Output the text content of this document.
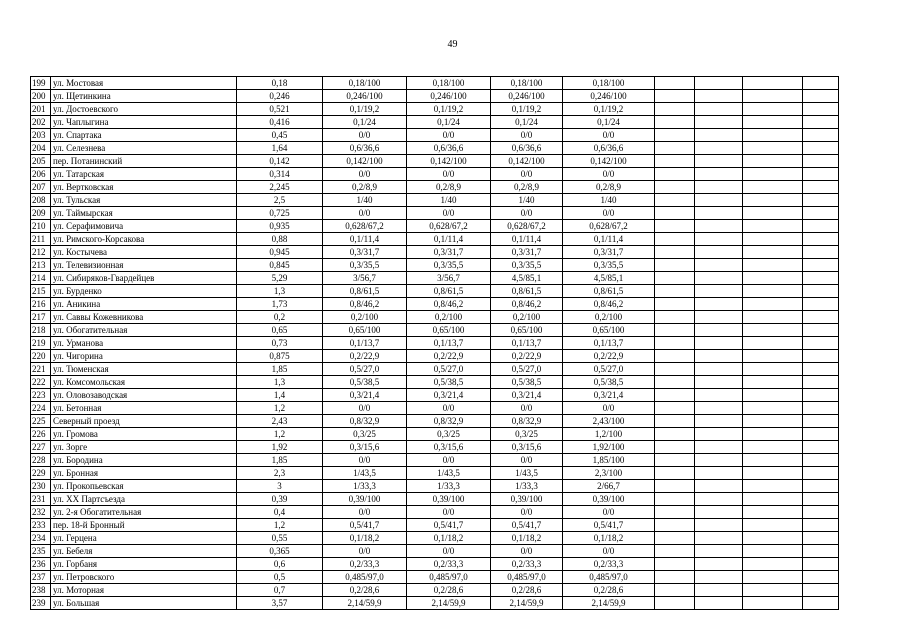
49
199	ул. Мостовая	0,18	0,18/100	0,18/100	0,18/100	0,18/100				
200	ул. Щетинкина	0,246	0,246/100	0,246/100	0,246/100	0,246/100				
201	ул. Достоевского	0,521	0,1/19,2	0,1/19,2	0,1/19,2	0,1/19,2				
202	ул. Чаплыгина	0,416	0,1/24	0,1/24	0,1/24	0,1/24				
203	ул. Спартака	0,45	0/0	0/0	0/0	0/0				
204	ул. Селезнева	1,64	0,6/36,6	0,6/36,6	0,6/36,6	0,6/36,6				
205	пер. Потанинский	0,142	0,142/100	0,142/100	0,142/100	0,142/100				
206	ул. Татарская	0,314	0/0	0/0	0/0	0/0				
207	ул. Вертковская	2,245	0,2/8,9	0,2/8,9	0,2/8,9	0,2/8,9				
208	ул. Тульская	2,5	1/40	1/40	1/40	1/40				
209	ул. Таймырская	0,725	0/0	0/0	0/0	0/0				
210	ул. Серафимовича	0,935	0,628/67,2	0,628/67,2	0,628/67,2	0,628/67,2				
211	ул. Римского-Корсакова	0,88	0,1/11,4	0,1/11,4	0,1/11,4	0,1/11,4				
212	ул. Костычева	0,945	0,3/31,7	0,3/31,7	0,3/31,7	0,3/31,7				
213	ул. Телевизионная	0,845	0,3/35,5	0,3/35,5	0,3/35,5	0,3/35,5				
214	ул. Сибиряков-Гвардейцев	5,29	3/56,7	3/56,7	4,5/85,1	4,5/85,1				
215	ул. Бурденко	1,3	0,8/61,5	0,8/61,5	0,8/61,5	0,8/61,5				
216	ул. Аникина	1,73	0,8/46,2	0,8/46,2	0,8/46,2	0,8/46,2				
217	ул. Саввы Кожевникова	0,2	0,2/100	0,2/100	0,2/100	0,2/100				
218	ул. Обогатительная	0,65	0,65/100	0,65/100	0,65/100	0,65/100				
219	ул. Урманова	0,73	0,1/13,7	0,1/13,7	0,1/13,7	0,1/13,7				
220	ул. Чигорина	0,875	0,2/22,9	0,2/22,9	0,2/22,9	0,2/22,9				
221	ул. Тюменская	1,85	0,5/27,0	0,5/27,0	0,5/27,0	0,5/27,0				
222	ул. Комсомольская	1,3	0,5/38,5	0,5/38,5	0,5/38,5	0,5/38,5				
223	ул. Оловозаводская	1,4	0,3/21,4	0,3/21,4	0,3/21,4	0,3/21,4				
224	ул. Бетонная	1,2	0/0	0/0	0/0	0/0				
225	Северный проезд	2,43	0,8/32,9	0,8/32,9	0,8/32,9	2,43/100				
226	ул. Громова	1,2	0,3/25	0,3/25	0,3/25	1,2/100				
227	ул. Зорге	1,92	0,3/15,6	0,3/15,6	0,3/15,6	1,92/100				
228	ул. Бородина	1,85	0/0	0/0	0/0	1,85/100				
229	ул. Бронная	2,3	1/43,5	1/43,5	1/43,5	2,3/100				
230	ул. Прокопьевская	3	1/33,3	1/33,3	1/33,3	2/66,7				
231	ул. XX Партсъезда	0,39	0,39/100	0,39/100	0,39/100	0,39/100				
232	ул. 2-я Обогатительная	0,4	0/0	0/0	0/0	0/0				
233	пер. 18-й Бронный	1,2	0,5/41,7	0,5/41,7	0,5/41,7	0,5/41,7				
234	ул. Герцена	0,55	0,1/18,2	0,1/18,2	0,1/18,2	0,1/18,2				
235	ул. Бебеля	0,365	0/0	0/0	0/0	0/0				
236	ул. Горбаня	0,6	0,2/33,3	0,2/33,3	0,2/33,3	0,2/33,3				
237	ул. Петровского	0,5	0,485/97,0	0,485/97,0	0,485/97,0	0,485/97,0				
238	ул. Моторная	0,7	0,2/28,6	0,2/28,6	0,2/28,6	0,2/28,6				
239	ул. Большая	3,57	2,14/59,9	2,14/59,9	2,14/59,9	2,14/59,9				
